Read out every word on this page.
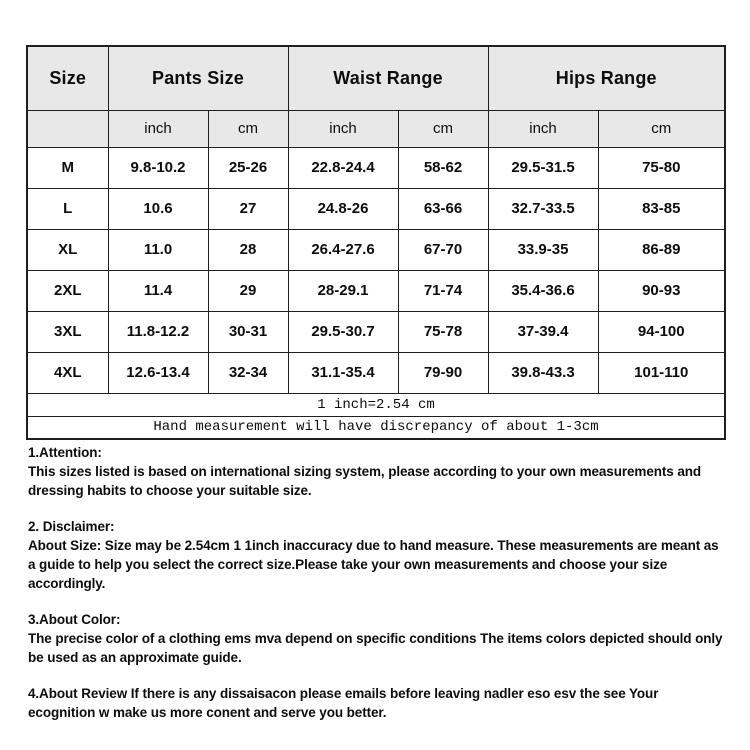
Size	Pants Size		Waist Range		Hips Range	
	inch	cm	inch	cm	inch	cm
M	9.8-10.2	25-26	22.8-24.4	58-62	29.5-31.5	75-80
L	10.6	27	24.8-26	63-66	32.7-33.5	83-85
XL	11.0	28	26.4-27.6	67-70	33.9-35	86-89
2XL	11.4	29	28-29.1	71-74	35.4-36.6	90-93
3XL	11.8-12.2	30-31	29.5-30.7	75-78	37-39.4	94-100
4XL	12.6-13.4	32-34	31.1-35.4	79-90	39.8-43.3	101-110
1 inch=2.54 cm						
Hand measurement will have discrepancy of about 1-3cm						
1.Attention:
This sizes listed is based on international sizing system, please according to your own measurements and dressing habits to choose your suitable size.
2. Disclaimer:
About Size: Size may be 2.54cm 1 1inch inaccuracy due to hand measure. These measurements are meant as a guide to help you select the correct size.Please take your own measurements and choose your size accordingly.
3.About Color:
The precise color of a clothing ems mva depend on specific conditions The items colors depicted should only be used as an approximate guide.
4.About Review If there is any dissaisacon please emails before leaving nadler eso esv the see Your ecognition w make us more conent and serve you better.
